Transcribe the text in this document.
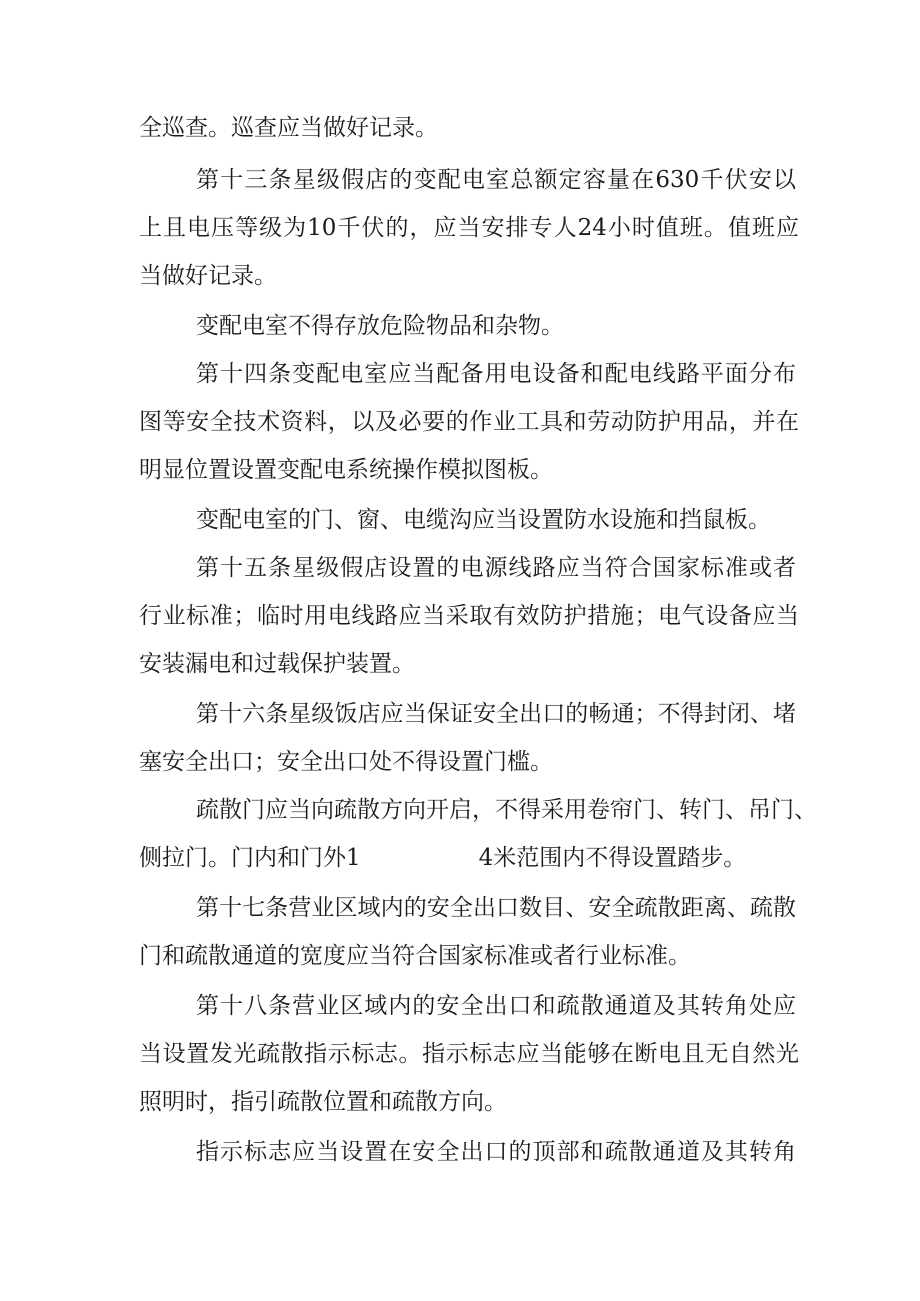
全巡查。巡查应当做好记录。

第十三条星级假店的变配电室总额定容量在630千伏安以

上且电压等级为10千伏的，应当安排专人24小时值班。值班应

当做好记录。

变配电室不得存放危险物品和杂物。

第十四条变配电室应当配备用电设备和配电线路平面分布

图等安全技术资料，以及必要的作业工具和劳动防护用品，并在

明显位置设置变配电系统操作模拟图板。

变配电室的门、窗、电缆沟应当设置防水设施和挡鼠板。

第十五条星级假店设置的电源线路应当符合国家标准或者

行业标准；临时用电线路应当采取有效防护措施；电气设备应当

安装漏电和过载保护装置。

第十六条星级饭店应当保证安全出口的畅通；不得封闭、堵

塞安全出口；安全出口处不得设置门槛。

疏散门应当向疏散方向开启，不得采用卷帘门、转门、吊门、

侧拉门。门内和门外1	4米范围内不得设置踏步。

第十七条营业区域内的安全出口数目、安全疏散距离、疏散

门和疏散通道的宽度应当符合国家标准或者行业标准。

第十八条营业区域内的安全出口和疏散通道及其转角处应

当设置发光疏散指示标志。指示标志应当能够在断电且无自然光

照明时，指引疏散位置和疏散方向。

指示标志应当设置在安全出口的顶部和疏散通道及其转角
